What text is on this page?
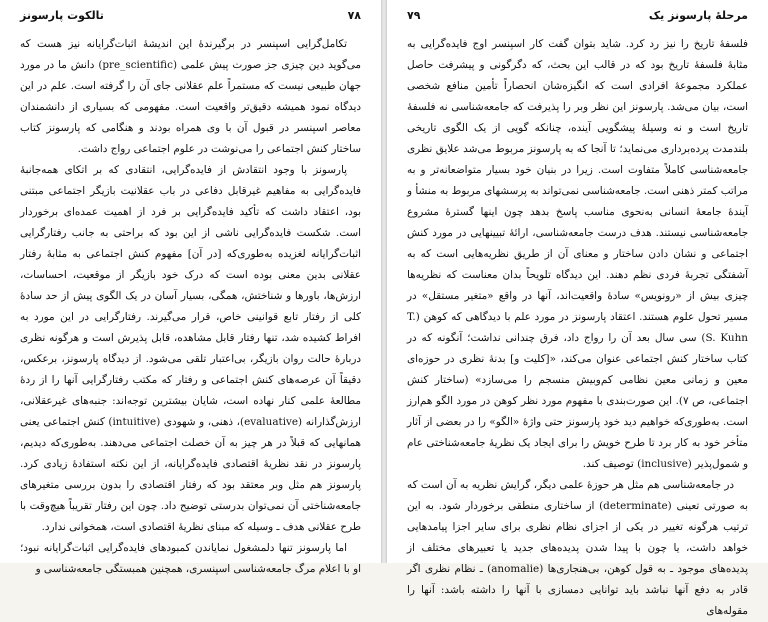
۷۸
تالکوت پارسونز

تکامل‌گرایی اسپنسر در برگیرندهٔ این اندیشهٔ اثبات‌گرایانه نیز هست که می‌گوید دین چیزی جز صورت پیش علمی (pre_scientific) دانش ما در مورد جهان طبیعی نیست که مستمراً علم عقلانی جای آن را گرفته است. علم در این دیدگاه نمود همیشه دقیق‌تر واقعیت است. مفهومی که بسیاری از دانشمندان معاصر اسپنسر در قبول آن با وی همراه بودند و هنگامی که پارسونز کتاب ساختار کنش اجتماعی را می‌نوشت در علوم اجتماعی رواج داشت.

پارسونز با وجود انتقادش از فایده‌گرایی، انتقادی که بر اتکای همه‌جانبهٔ فایده‌گرایی به مفاهیم غیرقابل دفاعی در باب عقلانیت بازیگر اجتماعی مبتنی بود، اعتقاد داشت که تأکید فایده‌گرایی بر فرد از اهمیت عمده‌ای برخوردار است. شکست فایده‌گرایی ناشی از این بود که براحتی به جانب رفتارگرایی اثبات‌گرایانه لغزیده به‌طوری‌که [در آن] مفهوم کنش اجتماعی به مثابهٔ رفتار عقلانی بدین معنی بوده است که درک خود بازیگر از موقعیت، احساسات، ارزش‌ها، باورها و شناختش، همگی، بسیار آسان در یک الگوی پیش از حد سادهٔ کلی از رفتار تابع قوانینی خاص، قرار می‌گیرند. رفتارگرایی در این مورد به افراط کشیده شد، تنها رفتار قابل مشاهده، قابل پذیرش است و هرگونه نظری دربارهٔ حالت روان بازیگر، بی‌اعتبار تلقی می‌شود. از دیدگاه پارسونز، برعکس، دقیقاً آن عرصه‌های کنش اجتماعی و رفتار که مکتب رفتارگرایی آنها را از ردهٔ مطالعهٔ علمی کنار نهاده است، شایان بیشترین توجه‌اند: جنبه‌های غیرعقلانی، ارزش‌گذارانه (evaluative)، ذهنی، و شهودی (intuitive) کنش اجتماعی یعنی همانهایی که قبلاً در هر چیز به آن خصلت اجتماعی می‌دهند. به‌طوری‌که دیدیم، پارسونز در نقد نظریهٔ اقتصادی فایده‌گرایانه، از این نکته استفادهٔ زیادی کرد. پارسونز هم مثل وبر معتقد بود که رفتار اقتصادی را بدون بررسی متغیرهای جامعه‌شناختی آن نمی‌توان بدرستی توضیح داد. چون این رفتار تقریباً هیچ‌وقت با طرح عقلانی هدف ـ وسیله که مبنای نظریهٔ اقتصادی است، همخوانی ندارد.

اما پارسونز تنها دلمشغول نمایاندن کمبودهای فایده‌گرایی اثبات‌گرایانه نبود؛ او با اعلام مرگ جامعه‌شناسی اسپنسری، همچنین همبستگی جامعه‌شناسی و

مرحلهٔ پارسونز یک
۷۹

فلسفهٔ تاریخ را نیز رد کرد. شاید بتوان گفت کار اسپنسر اوج فایده‌گرایی به مثابهٔ فلسفهٔ تاریخ بود که در قالب این بحث، که دگرگونی و پیشرفت حاصل عملکرد مجموعهٔ افرادی است که انگیزه‌شان انحصاراً تأمین منافع شخصی است، بیان می‌شد. پارسونز این نظر وبر را پذیرفت که جامعه‌شناسی نه فلسفهٔ تاریخ است و نه وسیلهٔ پیشگویی آینده، چنانکه گویی از یک الگوی تاریخی بلندمدت پرده‌برداری می‌نماید؛ تا آنجا که به پارسونز مربوط می‌شد علایق نظری جامعه‌شناسی کاملاً متفاوت است. زیرا در بنیان خود بسیار متواضعانه‌تر و به مراتب کمتر ذهنی است. جامعه‌شناسی نمی‌تواند به پرسشهای مربوط به منشأ و آیندهٔ جامعهٔ انسانی به‌نحوی مناسب پاسخ بدهد چون اینها گسترهٔ مشروع جامعه‌شناسی نیستند. هدف درست جامعه‌شناسی، ارائهٔ تبیینهایی در مورد کنش اجتماعی و نشان دادن ساختار و معنای آن از طریق نظریه‌هایی است که به آشفتگی تجربهٔ فردی نظم دهند. این دیدگاه تلویحاً بدان معناست که نظریه‌ها چیزی بیش از «رونویس» سادهٔ واقعیت‌اند، آنها در واقع «متغیر مستقل» در مسیر تحول علوم هستند. اعتقاد پارسونز در مورد علم با دیدگاهی که کوهن (T. S. Kuhn) سی سال بعد آن را رواج داد، فرق چندانی نداشت؛ آنگونه که در کتاب ساختار کنش اجتماعی عنوان می‌کند، «[کلیت و] بدنهٔ نظری در حوزه‌ای معین و زمانی معین نظامی کم‌وبیش منسجم را می‌سازد» (ساختار کنش اجتماعی، ص ۷). این صورت‌بندی با مفهوم مورد نظر کوهن در مورد الگو هم‌ارز است. به‌طوری‌که خواهیم دید خود پارسونز حتی واژهٔ «الگو» را در بعضی از آثار متأخر خود به کار برد تا طرح خویش را برای ایجاد یک نظریهٔ جامعه‌شناختی عام و شمول‌پذیر (inclusive) توصیف کند.

در جامعه‌شناسی هم مثل هر حوزهٔ علمی دیگر، گرایش نظریه به آن است که به صورتی تعینی (determinate) از ساختاری منطقی برخوردار شود. به این ترتیب هرگونه تغییر در یکی از اجزای نظام نظری برای سایر اجزا پیامدهایی خواهد داشت، یا چون با پیدا شدن پدیده‌های جدید یا تعبیرهای مختلف از پدیده‌های موجود ـ به قول کوهن، بی‌هنجاری‌ها (anomalie) ـ نظام نظری اگر قادر به دفع آنها نباشد باید توانایی دمسازی با آنها را داشته باشد: آنها را مقوله‌های
